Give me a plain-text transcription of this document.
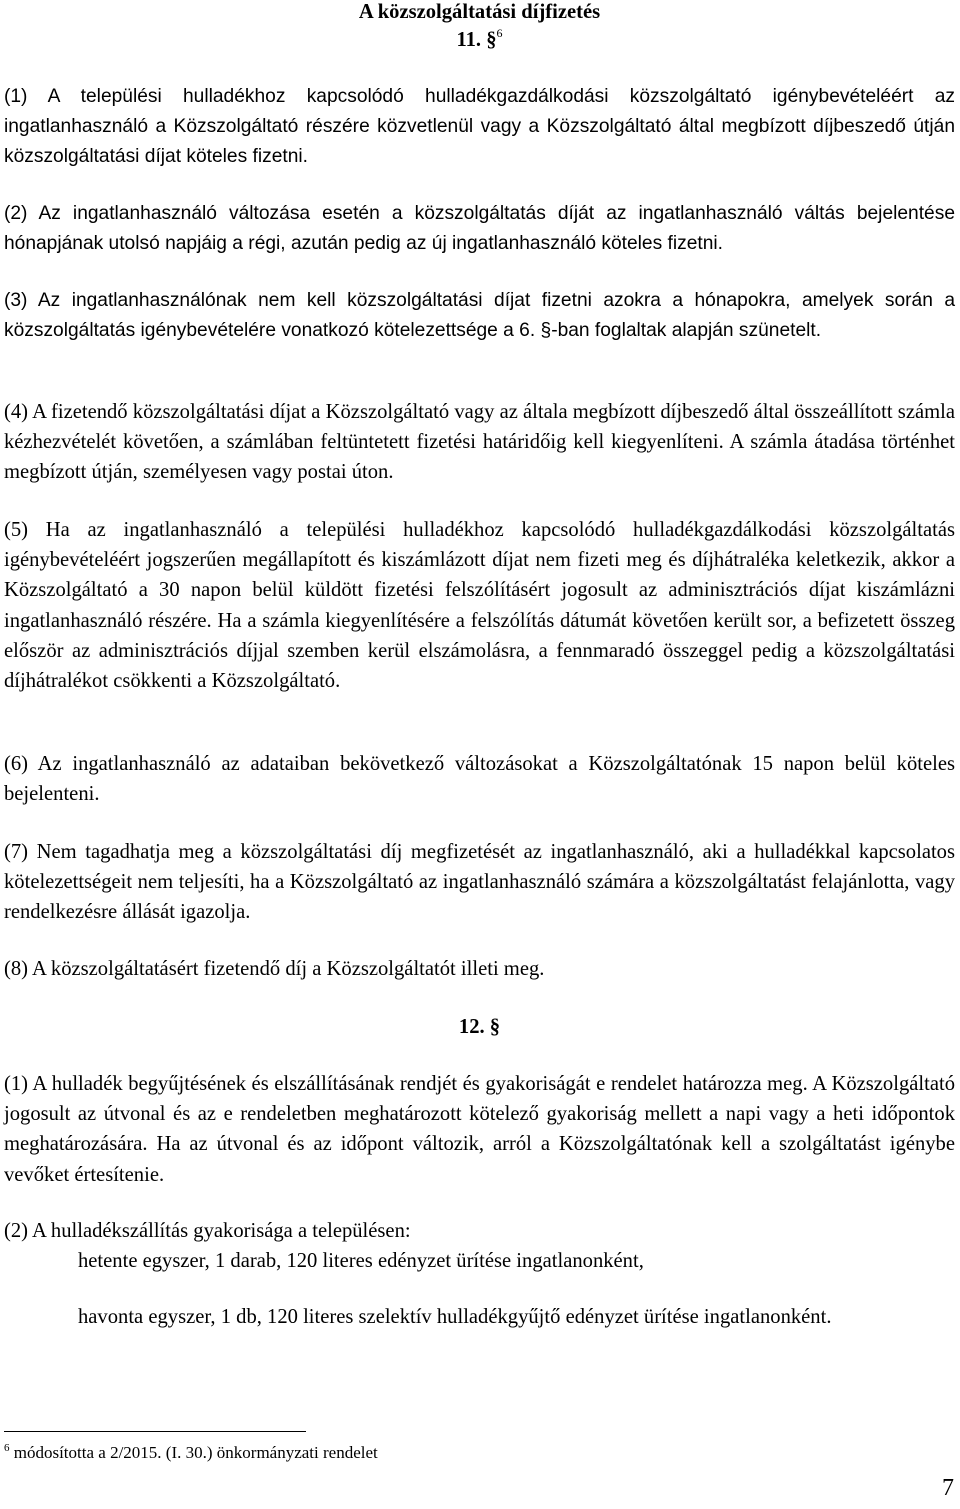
A közszolgáltatási díjfizetés

11. §$^6$

(1) A települési hulladékhoz kapcsolódó hulladékgazdálkodási közszolgáltató igénybevételéért az ingatlanhasználó a Közszolgáltató részére közvetlenül vagy a Közszolgáltató által megbízott díjbeszedő útján közszolgáltatási díjat köteles fizetni.

(2) Az ingatlanhasználó változása esetén a közszolgáltatás díját az ingatlanhasználó váltás bejelentése hónapjának utolsó napjáig a régi, azután pedig az új ingatlanhasználó köteles fizetni.

(3) Az ingatlanhasználónak nem kell közszolgáltatási díjat fizetni azokra a hónapokra, amelyek során a közszolgáltatás igénybevételére vonatkozó kötelezettsége a 6. §-ban foglaltak alapján szünetelt.

(4) A fizetendő közszolgáltatási díjat a Közszolgáltató vagy az általa megbízott díjbeszedő által összeállított számla kézhezvételét követően, a számlában feltüntetett fizetési határidőig kell kiegyenlíteni. A számla átadása történhet megbízott útján, személyesen vagy postai úton.

(5) Ha az ingatlanhasználó a települési hulladékhoz kapcsolódó hulladékgazdálkodási közszolgáltatás igénybevételéért jogszerűen megállapított és kiszámlázott díjat nem fizeti meg és díjhátraléka keletkezik, akkor a Közszolgáltató a 30 napon belül küldött fizetési felszólításért jogosult az adminisztrációs díjat kiszámlázni ingatlanhasználó részére. Ha a számla kiegyenlítésére a felszólítás dátumát követően került sor, a befizetett összeg először az adminisztrációs díjjal szemben kerül elszámolásra, a fennmaradó összeggel pedig a közszolgáltatási díjhátralékot csökkenti a Közszolgáltató.

(6) Az ingatlanhasználó az adataiban bekövetkező változásokat a Közszolgáltatónak 15 napon belül köteles bejelenteni.

(7) Nem tagadhatja meg a közszolgáltatási díj megfizetését az ingatlanhasználó, aki a hulladékkal kapcsolatos kötelezettségeit nem teljesíti, ha a Közszolgáltató az ingatlanhasználó számára a közszolgáltatást felajánlotta, vagy rendelkezésre állását igazolja.

(8) A közszolgáltatásért fizetendő díj a Közszolgáltatót illeti meg.

12. §

(1) A hulladék begyűjtésének és elszállításának rendjét és gyakoriságát e rendelet határozza meg. A Közszolgáltató jogosult az útvonal és az e rendeletben meghatározott kötelező gyakoriság mellett a napi vagy a heti időpontok meghatározására. Ha az útvonal és az időpont változik, arról a Közszolgáltatónak kell a szolgáltatást igénybe vevőket értesítenie.

(2) A hulladékszállítás gyakorisága a településen:

hetente egyszer, 1 darab, 120 literes edényzet ürítése ingatlanonként,

havonta egyszer, 1 db, 120 literes szelektív hulladékgyűjtő edényzet ürítése ingatlanonként.

$^6$ módosította a 2/2015. (I. 30.) önkormányzati rendelet
7
